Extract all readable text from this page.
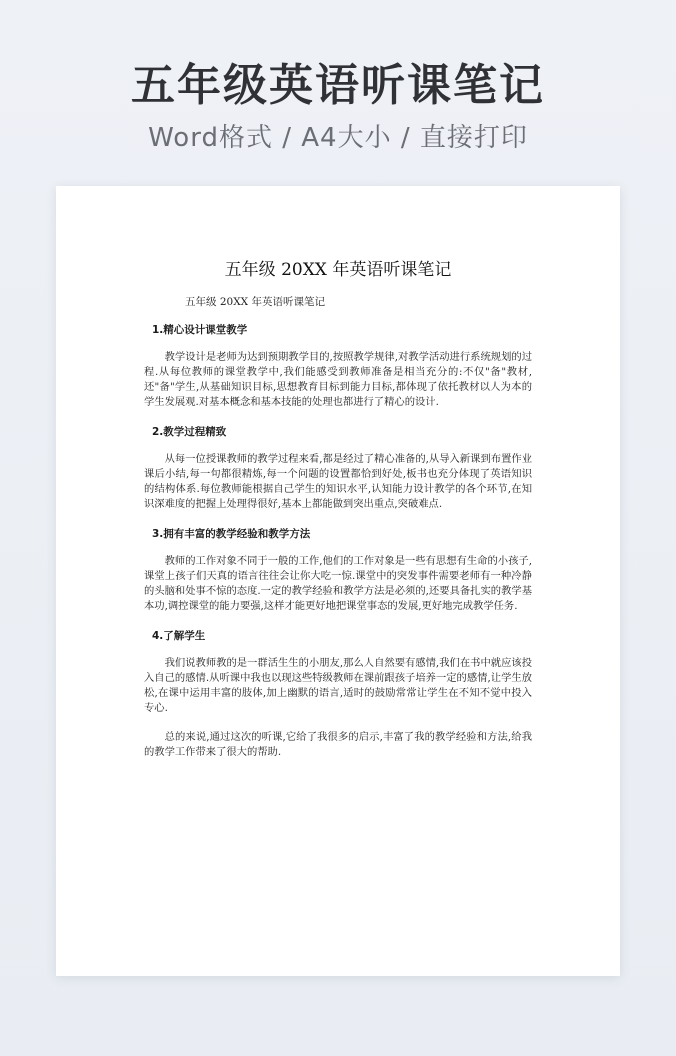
五年级英语听课笔记
Word格式 / A4大小 / 直接打印
五年级 20XX 年英语听课笔记
五年级 20XX 年英语听课笔记
1.精心设计课堂教学

教学设计是老师为达到预期教学目的,按照教学规律,对教学活动进行系统规划的过程.从每位教师的课堂教学中,我们能感受到教师准备是相当充分的:不仅"备"教材,还"备"学生,从基础知识目标,思想教育目标到能力目标,都体现了依托教材以人为本的学生发展观.对基本概念和基本技能的处理也都进行了精心的设计.

2.教学过程精致

从每一位授课教师的教学过程来看,都是经过了精心准备的,从导入新课到布置作业课后小结,每一句都很精炼,每一个问题的设置都恰到好处,板书也充分体现了英语知识的结构体系.每位教师能根据自己学生的知识水平,认知能力设计教学的各个环节,在知识深难度的把握上处理得很好,基本上都能做到突出重点,突破难点.

3.拥有丰富的教学经验和教学方法

教师的工作对象不同于一般的工作,他们的工作对象是一些有思想有生命的小孩子,课堂上孩子们天真的语言往往会让你大吃一惊.课堂中的突发事件需要老师有一种冷静的头脑和处事不惊的态度.一定的教学经验和教学方法是必须的,还要具备扎实的教学基本功,调控课堂的能力要强,这样才能更好地把课堂事态的发展,更好地完成教学任务.

4.了解学生

我们说教师教的是一群活生生的小朋友,那么人自然要有感情,我们在书中就应该投入自己的感情.从听课中我也以现这些特级教师在课前跟孩子培养一定的感情,让学生放松,在课中运用丰富的肢体,加上幽默的语言,适时的鼓励常常让学生在不知不觉中投入专心.

总的来说,通过这次的听课,它给了我很多的启示,丰富了我的教学经验和方法,给我的教学工作带来了很大的帮助.
